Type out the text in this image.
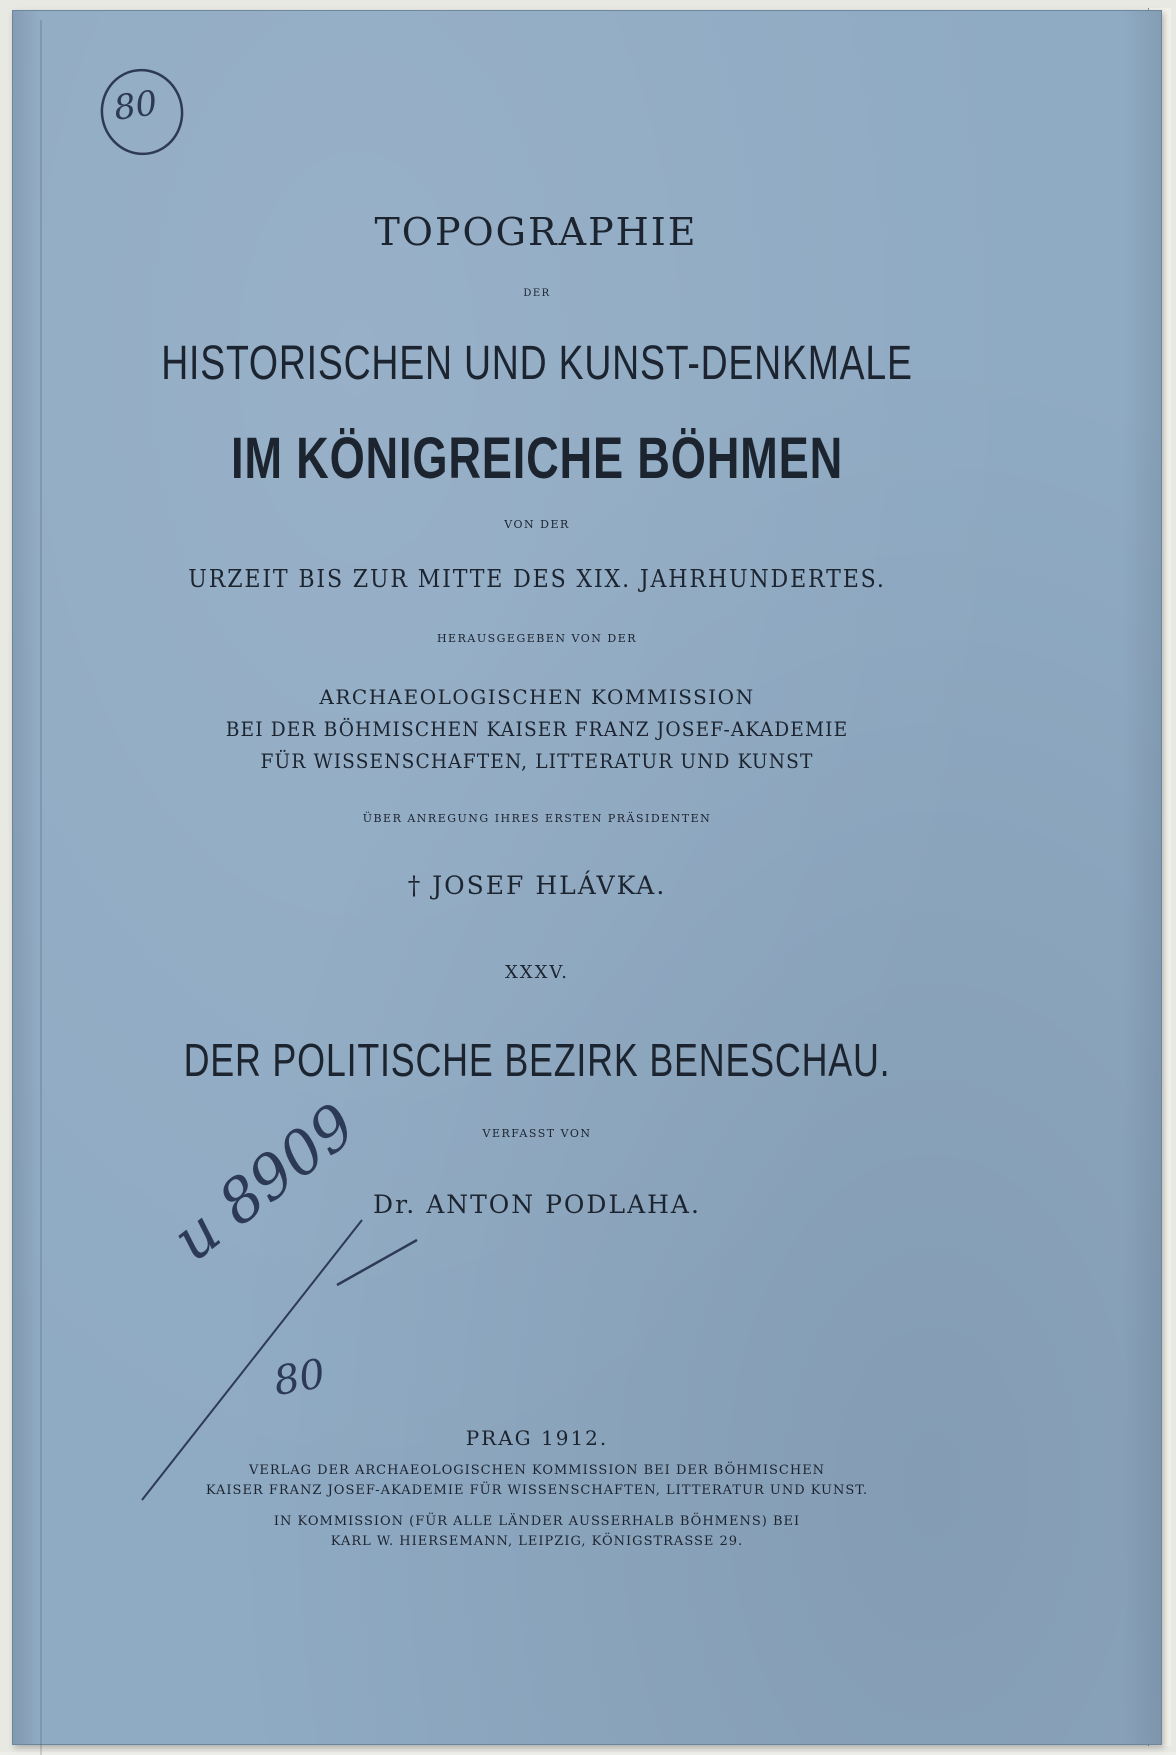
80
TOPOGRAPHIE
DER
HISTORISCHEN UND KUNST-DENKMALE
IM KÖNIGREICHE BÖHMEN
VON DER
URZEIT BIS ZUR MITTE DES XIX. JAHRHUNDERTES.
HERAUSGEGEBEN VON DER
ARCHAEOLOGISCHEN KOMMISSION
BEI DER BÖHMISCHEN KAISER FRANZ JOSEF-AKADEMIE
FÜR WISSENSCHAFTEN, LITTERATUR UND KUNST
ÜBER ANREGUNG IHRES ERSTEN PRÄSIDENTEN
† JOSEF HLÁVKA.
XXXV.
DER POLITISCHE BEZIRK BENESCHAU.
VERFASST VON
Dr. ANTON PODLAHA.
u 8909
80
PRAG 1912.
VERLAG DER ARCHAEOLOGISCHEN KOMMISSION BEI DER BÖHMISCHEN
KAISER FRANZ JOSEF-AKADEMIE FÜR WISSENSCHAFTEN, LITTERATUR UND KUNST.
IN KOMMISSION (FÜR ALLE LÄNDER AUSSERHALB BÖHMENS) BEI
KARL W. HIERSEMANN, LEIPZIG, KÖNIGSTRASSE 29.
